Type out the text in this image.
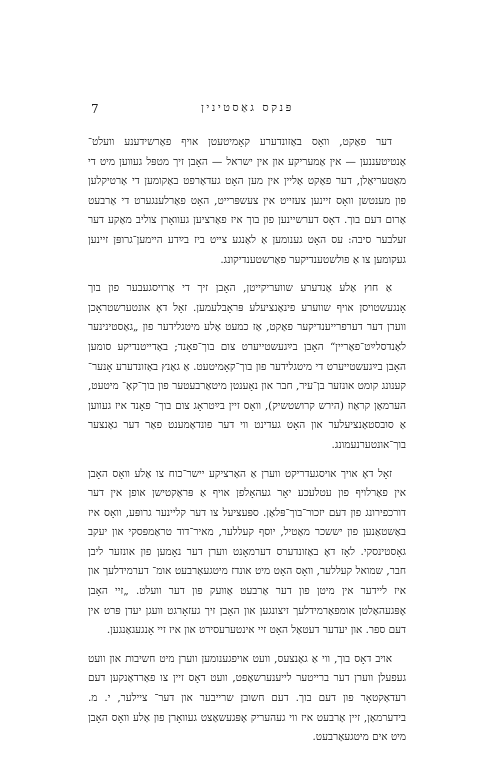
7	פּנקס גאַסטינין

דער פאַקט, וואָס באַזונדערע קאָמיטעטן אויף פאַרשידענע וועלט־ אַנטיטעננען — אין אַמעריקע און אין ישראל — האָבן זיך מטפּל געווען מיט די מאַטעריאַלן, דער פאַקט אַליין אין מען האָט געדאַרפט באַקומען די אַרטיקלען פון מענטשן וואָס זיינען צעזייט אין צעשפּרייט, האָט פאַרלענגערט די אַרבעט אַרום דעם בוך. דאָס דערשיינען פון בוך איז פאַרציען געוואָרן צוליב מאַקע דער זעלבער סיבה: עס האָט גענומען אַ לאַנגע צייט ביז בײַדע היימען־גרופּן זיינען געקומען צו אַ פולשטענדיקער פאַרשטענדיקונג.

אַ חוץ אַלע אַנדערע שוועריקייטן, האָבן זיך די אַרויסגעבער פון בוך אָנגעשטויסן אויף שווערע פינאַנציעלע פּראָבלעמען. זאָל דאָ אונטערשטראָכן ווערן דער דערפרייענדיקער פאַקט, אַז כמעט אַלע מיטגלידער פון „גאַסטינינער לאַנדסלײַט־פאַריין“ האָבן בײַגעשטייערט צום בוך־פאָנד; באַדייטנדיקע סומען האָבן בײַגעשטייערט די מיטגלידער פון בוך־קאָמיטעט. אַ גאַנץ באַזונדערע אָנער־ קענונג קומט אונזער בן־עיר, חבר און נאָענטן מיטאַרבעטער פון בוך־קאָ־ מיטעט, הערמאַן קראַוז (הירש קרושטשיק), וואָס זיין בײַטראָג צום בוך־ פאָנד איז געווען אַ סובסטאַנציעלער און האָט געדינט ווי דער פונדאַמענט פאַר דער גאַנצער בוך־אונטערנעמונג.

זאָל דאָ אויך אויסגעדריקט ווערן אַ האַרציקע יישר־כוח צו אַלע וואָס האָבן אין פאַרלויף פון עטלעכע יאָר געהאָלפן אויף אַ פּראַקטישן אופן אין דער דורכפירונג פון דעם יזכור־בוך־פּלאַן. ספּעציעל צו דער קליינער גרופּע, וואָס איז באַשטאַנען פון יששכר מאַטיל, יוסף קעללער, מאיר־דוד טראַמפּסקי און יעקב גאָסטינסקי. לאָז דאָ באַזונדערס דערמאָנט ווערן דער נאָמען פון אונזער ליבן חבר, שמואל קעללער, וואָס האָט מיט אונדז מיטגעאַרבעט אומ־ דערמידלעך און איז ליידער אין מיטן פון דער אַרבעט אַוועק פון דער וועלט. „זיי האָבן אָפּגעהאַלטן אומפאַרמידלעך זיצונגען און האָבן זיך געזאָרגט וועגן יעדן פּרט אין דעם ספר. און יעדער דעטאַל האָט זיי אינטערעסירט און איז זיי אָנגעגאַנגען.

אויב דאָס בוך, ווי אַ גאַנצעס, וועט אויפגענומען ווערן מיט חשיבות און וועט געפעלן ווערן דער ברייטער לייענערשאַפט, וועט דאָס זיין צו פאַרדאַנקען דעם רעדאַקטאָר פון דעם בוך. דעם חשובן שרייבער און דער־ ציילער, י. מ. בידערמאַן, זיין אַרבעט איז ווי געהעריק אָפּגעשאַצט געוואָרן פון אַלע וואָס האָבן מיט אים מיטגעאַרבעט.
